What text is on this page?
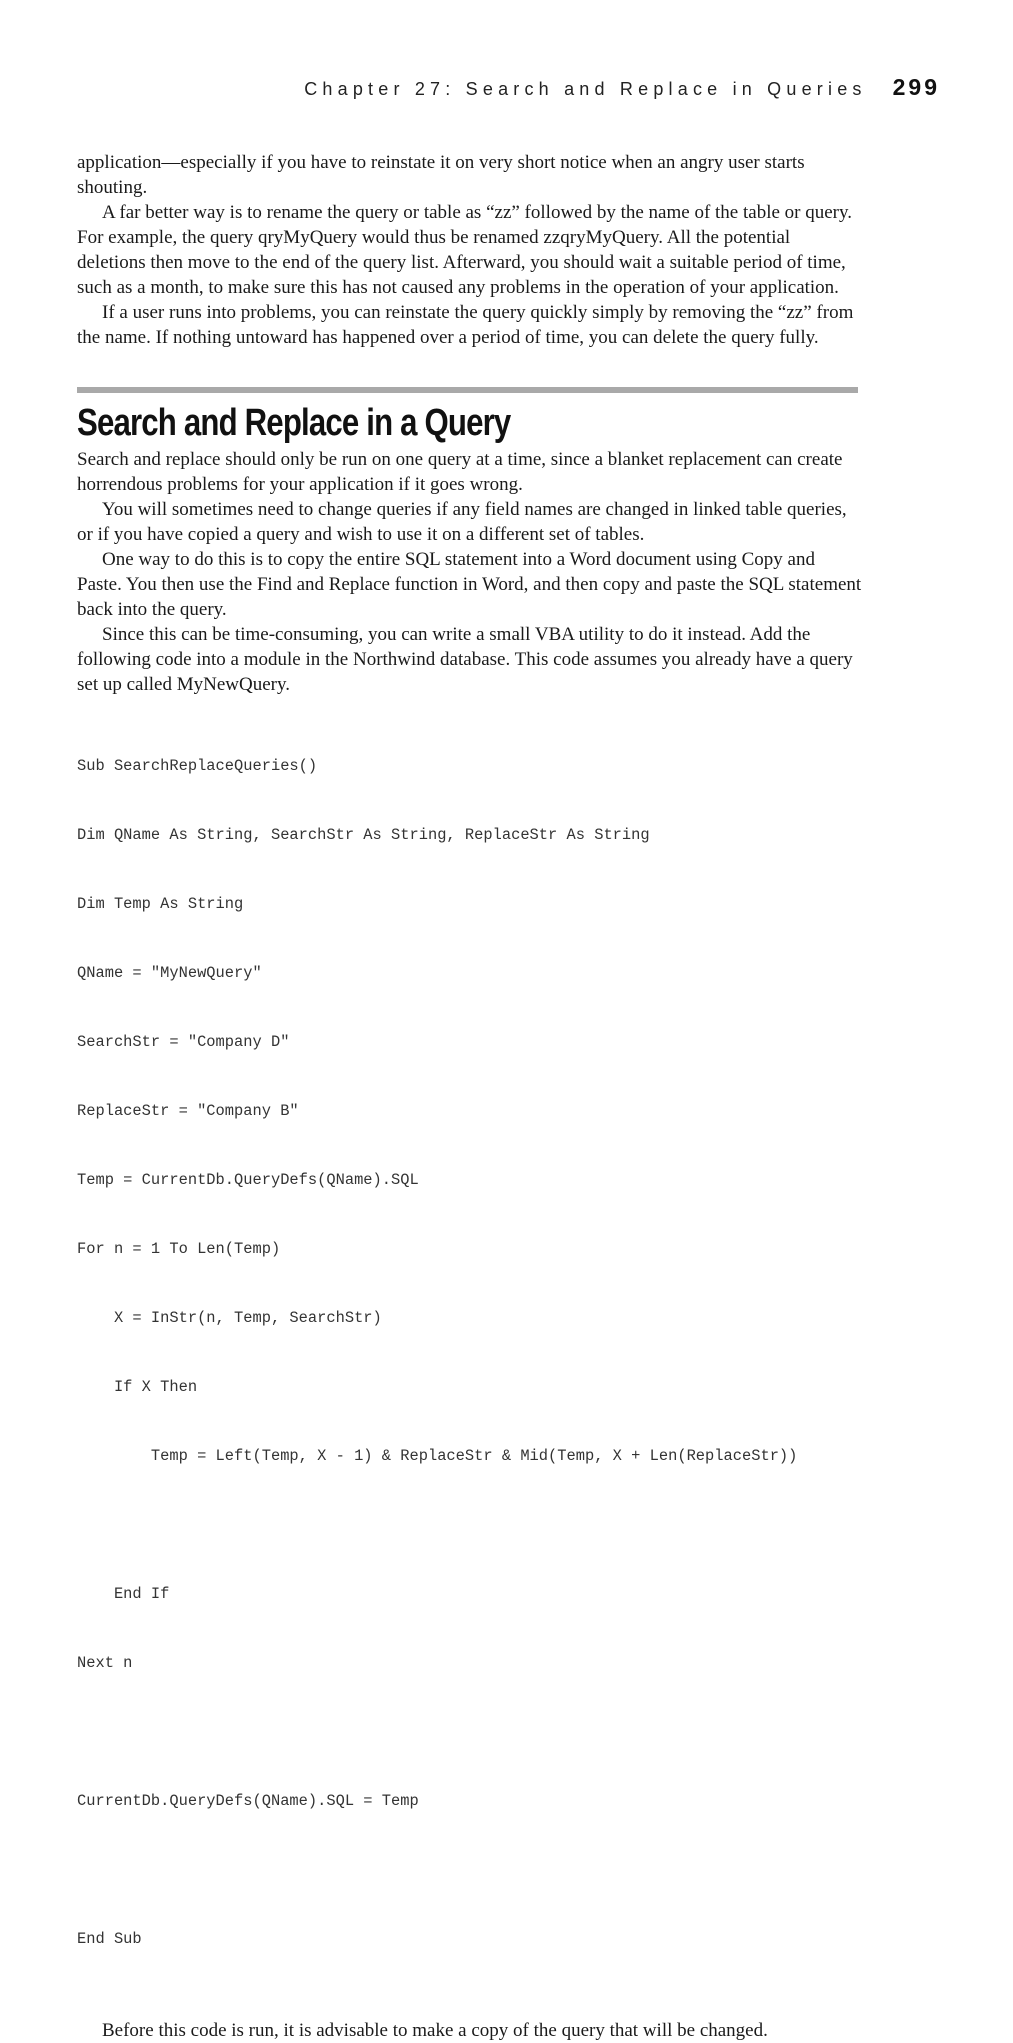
Chapter 27: Search and Replace in Queries 299

application—especially if you have to reinstate it on very short notice when an angry user starts shouting.

A far better way is to rename the query or table as “zz” followed by the name of the table or query. For example, the query qryMyQuery would thus be renamed zzqryMyQuery. All the potential deletions then move to the end of the query list. Afterward, you should wait a suitable period of time, such as a month, to make sure this has not caused any problems in the operation of your application.

If a user runs into problems, you can reinstate the query quickly simply by removing the “zz” from the name. If nothing untoward has happened over a period of time, you can delete the query fully.

Search and Replace in a Query

Search and replace should only be run on one query at a time, since a blanket replacement can create horrendous problems for your application if it goes wrong.

You will sometimes need to change queries if any field names are changed in linked table queries, or if you have copied a query and wish to use it on a different set of tables.

One way to do this is to copy the entire SQL statement into a Word document using Copy and Paste. You then use the Find and Replace function in Word, and then copy and paste the SQL statement back into the query.

Since this can be time-consuming, you can write a small VBA utility to do it instead. Add the following code into a module in the Northwind database. This code assumes you already have a query set up called MyNewQuery.

Sub SearchReplaceQueries()

Dim QName As String, SearchStr As String, ReplaceStr As String

Dim Temp As String

QName = "MyNewQuery"

SearchStr = "Company D"

ReplaceStr = "Company B"

Temp = CurrentDb.QueryDefs(QName).SQL

For n = 1 To Len(Temp)

X = InStr(n, Temp, SearchStr)

If X Then

Temp = Left(Temp, X - 1) & ReplaceStr & Mid(Temp, X + Len(ReplaceStr))

End If

Next n

CurrentDb.QueryDefs(QName).SQL = Temp

End Sub

Before this code is run, it is advisable to make a copy of the query that will be changed.
